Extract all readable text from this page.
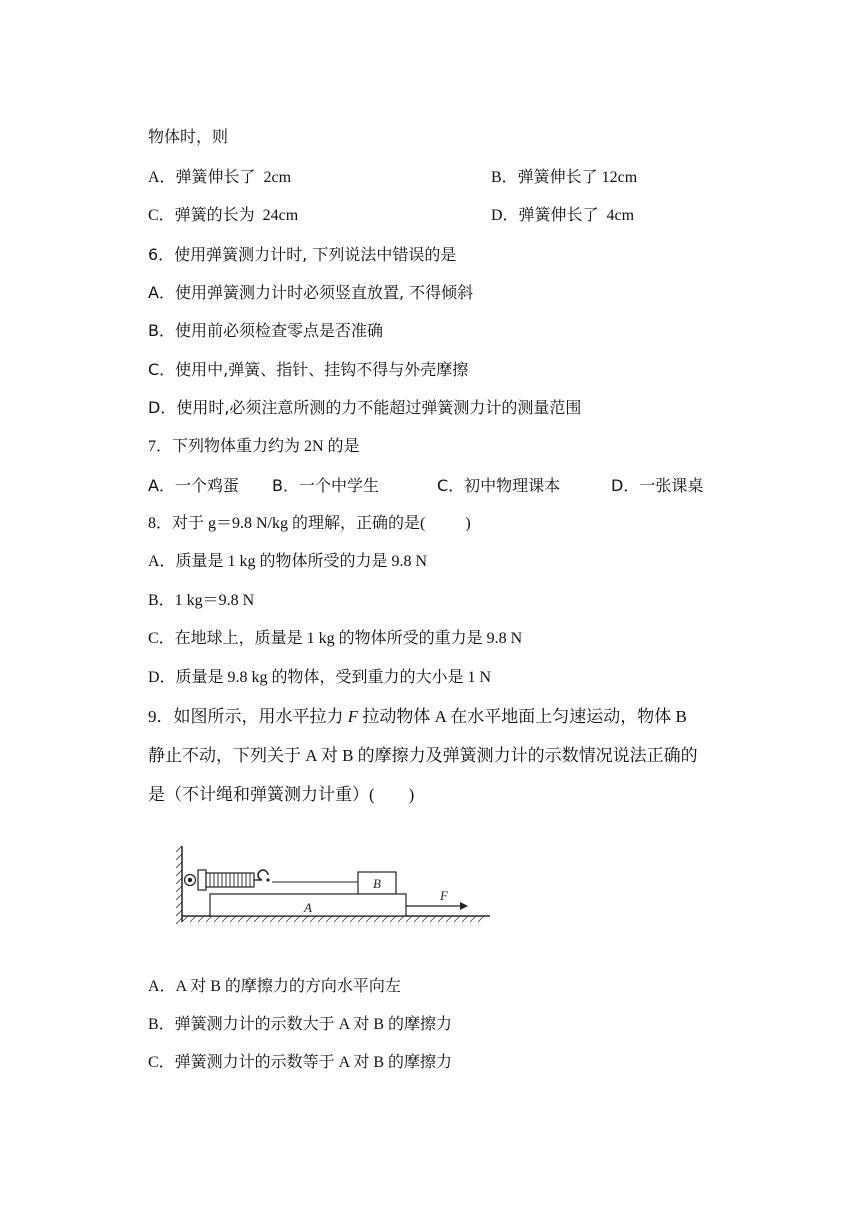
物体时，则
A．弹簧伸长了  2cm	B．弹簧伸长了 12cm
C．弹簧的长为  24cm	D．弹簧伸长了  4cm
6．使用弹簧测力计时, 下列说法中错误的是
A．使用弹簧测力计时必须竖直放置, 不得倾斜
B．使用前必须检查零点是否准确
C．使用中,弹簧、指针、挂钩不得与外壳摩擦
D．使用时,必须注意所测的力不能超过弹簧测力计的测量范围
7．下列物体重力约为 2N 的是
A．一个鸡蛋 B．一个中学生	C．初中物理课本	D．一张课桌
8．对于 g＝9.8 N/kg 的理解，正确的是(          )
A．质量是 1 kg 的物体所受的力是 9.8 N
B．1 kg＝9.8 N
C．在地球上，质量是 1 kg 的物体所受的重力是 9.8 N
D．质量是 9.8 kg 的物体，受到重力的大小是 1 N
9．如图所示，用水平拉力 F 拉动物体 A 在水平地面上匀速运动，物体 B
静止不动，下列关于 A 对 B 的摩擦力及弹簧测力计的示数情况说法正确的
是（不计绳和弹簧测力计重）(        )
B
A
F
A．A 对 B 的摩擦力的方向水平向左
B．弹簧测力计的示数大于 A 对 B 的摩擦力
C．弹簧测力计的示数等于 A 对 B 的摩擦力
